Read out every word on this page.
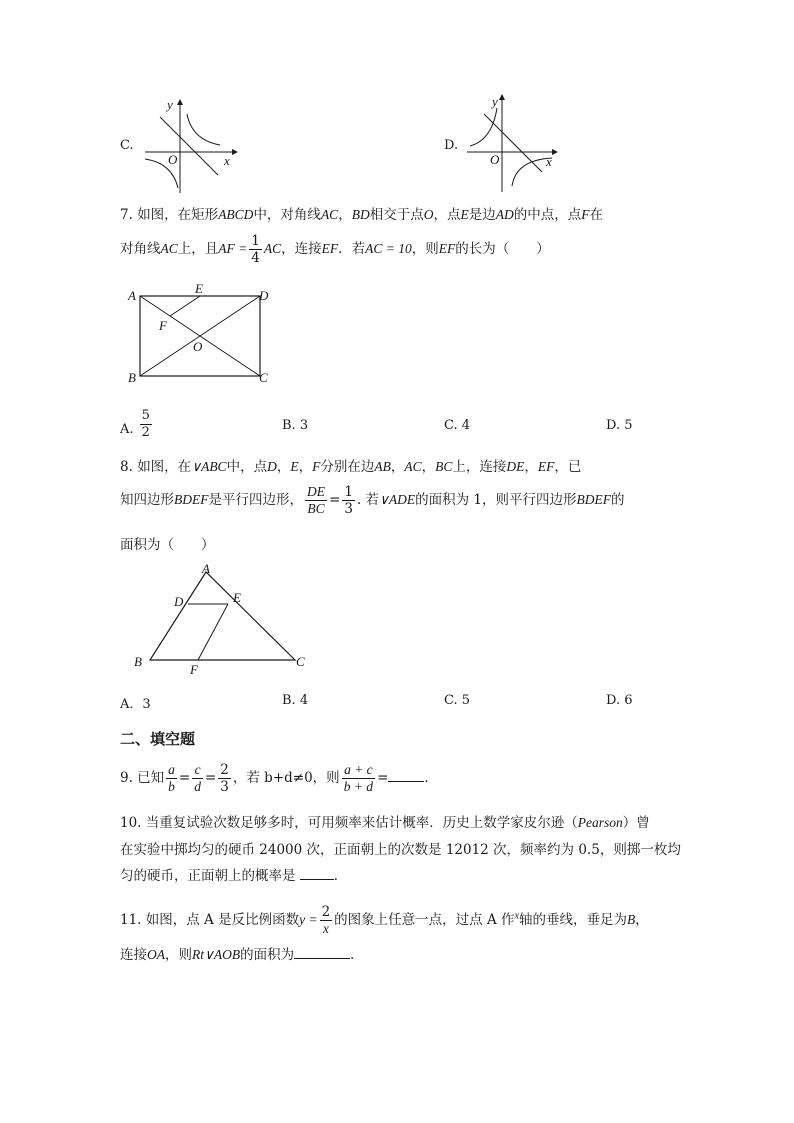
C.
y
x
O
D.
y
x
O
7. 如图，在矩形ABCD中，对角线AC，BD相交于点O，点E是边AD的中点，点F在
对角线AC上，且AF = $\frac{1}{4}$ AC，连接EF．若AC = 10，则EF的长为（　　）
A
B	C
D
E
F
O
A. $\frac{5}{2}$	B. 3	C. 4	D. 5
8. 如图，在∨ABC中，点D，E，F分别在边AB，AC，BC上，连接DE，EF，已
知四边形BDEF是平行四边形， $\frac{DE}{BC} = \frac{1}{3}$ . 若∨ADE的面积为 1，则平行四边形BDEF的
面积为（　　）
A
B	C
D	E
F
A．3	B. 4	C. 5	D. 6
二、填空题
9. 已知 $\frac{a}{b} = \frac{c}{d} = \frac{2}{3}$ ，若 b+d≠0，则 $\frac{a + c}{b + d}$ =	．
10. 当重复试验次数足够多时，可用频率来估计概率．历史上数学家皮尔逊（Pearson）曾
在实验中掷均匀的硬币 24000 次，正面朝上的次数是 12012 次，频率约为 0.5，则掷一枚均
匀的硬币，正面朝上的概率是	．
11. 如图，点 A 是反比例函数$y = \frac{2}{x}$ 的图象上任意一点，过点 A 作$^x$轴的垂线，垂足为B，
连接OA，则Rt∨AOB的面积为	．
